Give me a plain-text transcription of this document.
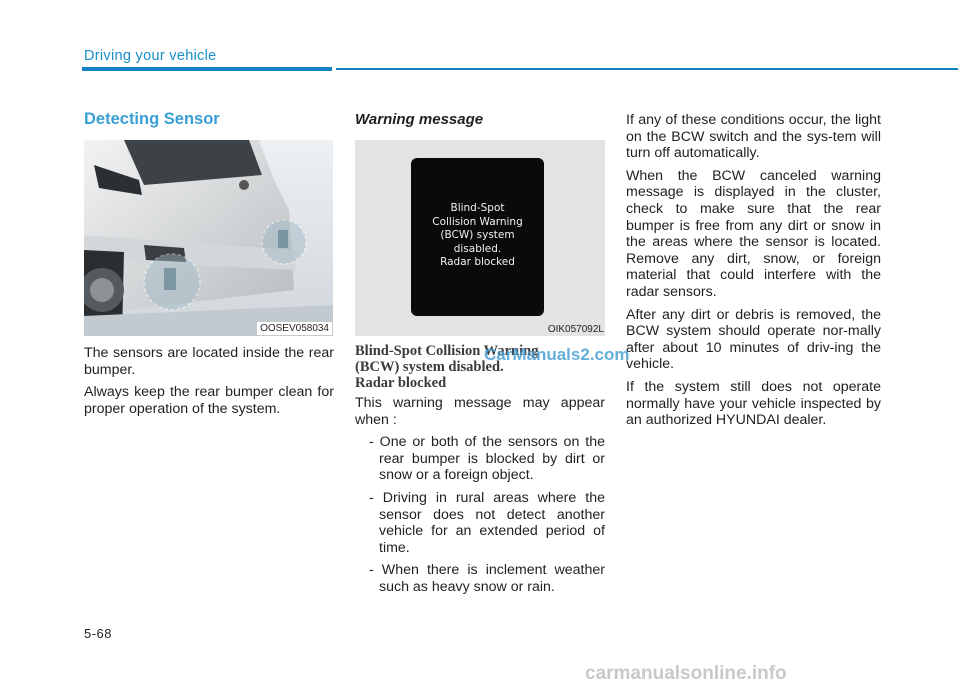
Driving your vehicle
Detecting Sensor
OOSEV058034

The sensors are located inside the rear bumper.

Always keep the rear bumper clean for proper operation of the system.

Warning message
Blind-Spot
Collision Warning
(BCW) system
disabled.
Radar blocked
OIK057092L
Blind-Spot Collision Warning
(BCW) system disabled.
Radar blocked

This warning message may appear when :

- One or both of the sensors on the rear bumper is blocked by dirt or snow or a foreign object.

- Driving in rural areas where the sensor does not detect another vehicle for an extended period of time.

- When there is inclement weather such as heavy snow or rain.

If any of these conditions occur, the light on the BCW switch and the sys-tem will turn off automatically.

When the BCW canceled warning message is displayed in the cluster, check to make sure that the rear bumper is free from any dirt or snow in the areas where the sensor is located. Remove any dirt, snow, or foreign material that could interfere with the radar sensors.

After any dirt or debris is removed, the BCW system should operate nor-mally after about 10 minutes of driv-ing the vehicle.

If the system still does not operate normally have your vehicle inspected by an authorized HYUNDAI dealer.

5-68
CarManuals2.com
carmanualsonline.info
